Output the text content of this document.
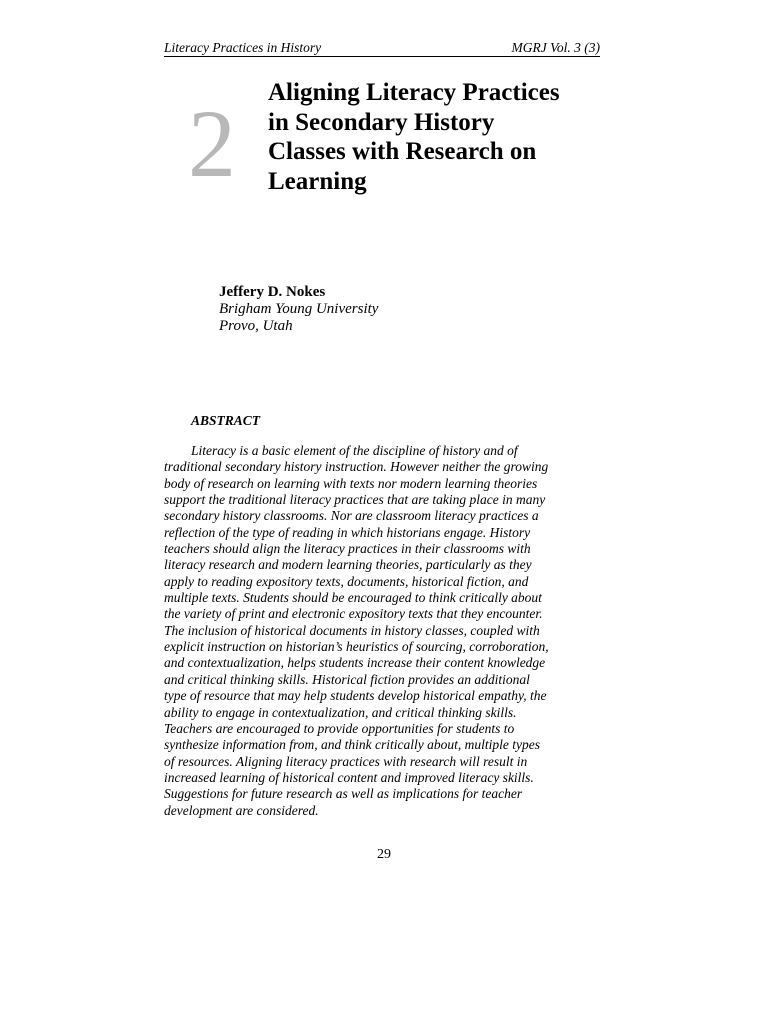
Literacy Practices in History	MGRJ Vol. 3 (3)
2 Aligning Literacy Practices
in Secondary History
Classes with Research on
Learning
Jeffery D. Nokes
Brigham Young University
Provo, Utah
ABSTRACT
Literacy is a basic element of the discipline of history and of
traditional secondary history instruction. However neither the growing
body of research on learning with texts nor modern learning theories
support the traditional literacy practices that are taking place in many
secondary history classrooms. Nor are classroom literacy practices a
reflection of the type of reading in which historians engage. History
teachers should align the literacy practices in their classrooms with
literacy research and modern learning theories, particularly as they
apply to reading expository texts, documents, historical fiction, and
multiple texts. Students should be encouraged to think critically about
the variety of print and electronic expository texts that they encounter.
The inclusion of historical documents in history classes, coupled with
explicit instruction on historian’s heuristics of sourcing, corroboration,
and contextualization, helps students increase their content knowledge
and critical thinking skills. Historical fiction provides an additional
type of resource that may help students develop historical empathy, the
ability to engage in contextualization, and critical thinking skills.
Teachers are encouraged to provide opportunities for students to
synthesize information from, and think critically about, multiple types
of resources. Aligning literacy practices with research will result in
increased learning of historical content and improved literacy skills.
Suggestions for future research as well as implications for teacher
development are considered.
29
